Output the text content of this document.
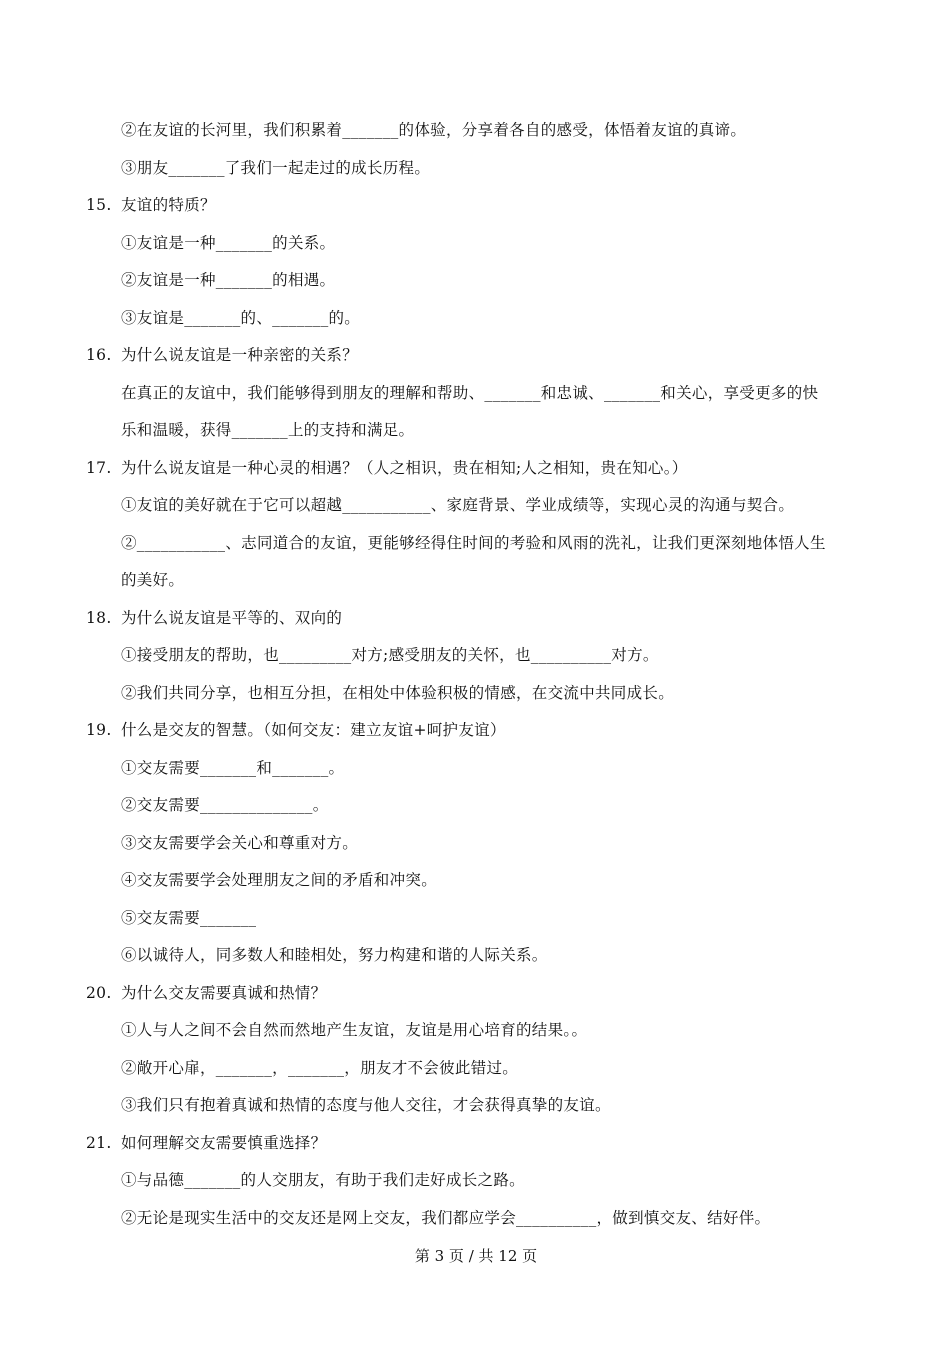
②在友谊的长河里，我们积累着_______的体验，分享着各自的感受，体悟着友谊的真谛。
③朋友_______了我们一起走过的成长历程。
15. 友谊的特质？
①友谊是一种_______的关系。
②友谊是一种_______的相遇。
③友谊是_______的、_______的。
16. 为什么说友谊是一种亲密的关系？
在真正的友谊中，我们能够得到朋友的理解和帮助、_______和忠诚、_______和关心，享受更多的快
乐和温暖，获得_______上的支持和满足。
17. 为什么说友谊是一种心灵的相遇？（人之相识，贵在相知;人之相知，贵在知心。）
①友谊的美好就在于它可以超越___________、家庭背景、学业成绩等，实现心灵的沟通与契合。
②___________、志同道合的友谊，更能够经得住时间的考验和风雨的洗礼，让我们更深刻地体悟人生
的美好。
18. 为什么说友谊是平等的、双向的
①接受朋友的帮助，也_________对方;感受朋友的关怀，也__________对方。
②我们共同分享，也相互分担，在相处中体验积极的情感，在交流中共同成长。
19. 什么是交友的智慧。（如何交友：建立友谊+呵护友谊）
①交友需要_______和_______。
②交友需要______________。
③交友需要学会关心和尊重对方。
④交友需要学会处理朋友之间的矛盾和冲突。
⑤交友需要_______
⑥以诚待人，同多数人和睦相处，努力构建和谐的人际关系。
20. 为什么交友需要真诚和热情？
①人与人之间不会自然而然地产生友谊，友谊是用心培育的结果。。
②敞开心扉，_______，_______，朋友才不会彼此错过。
③我们只有抱着真诚和热情的态度与他人交往，才会获得真挚的友谊。
21. 如何理解交友需要慎重选择？
①与品德_______的人交朋友，有助于我们走好成长之路。
②无论是现实生活中的交友还是网上交友，我们都应学会__________，做到慎交友、结好伴。
第 3 页 / 共 12 页
